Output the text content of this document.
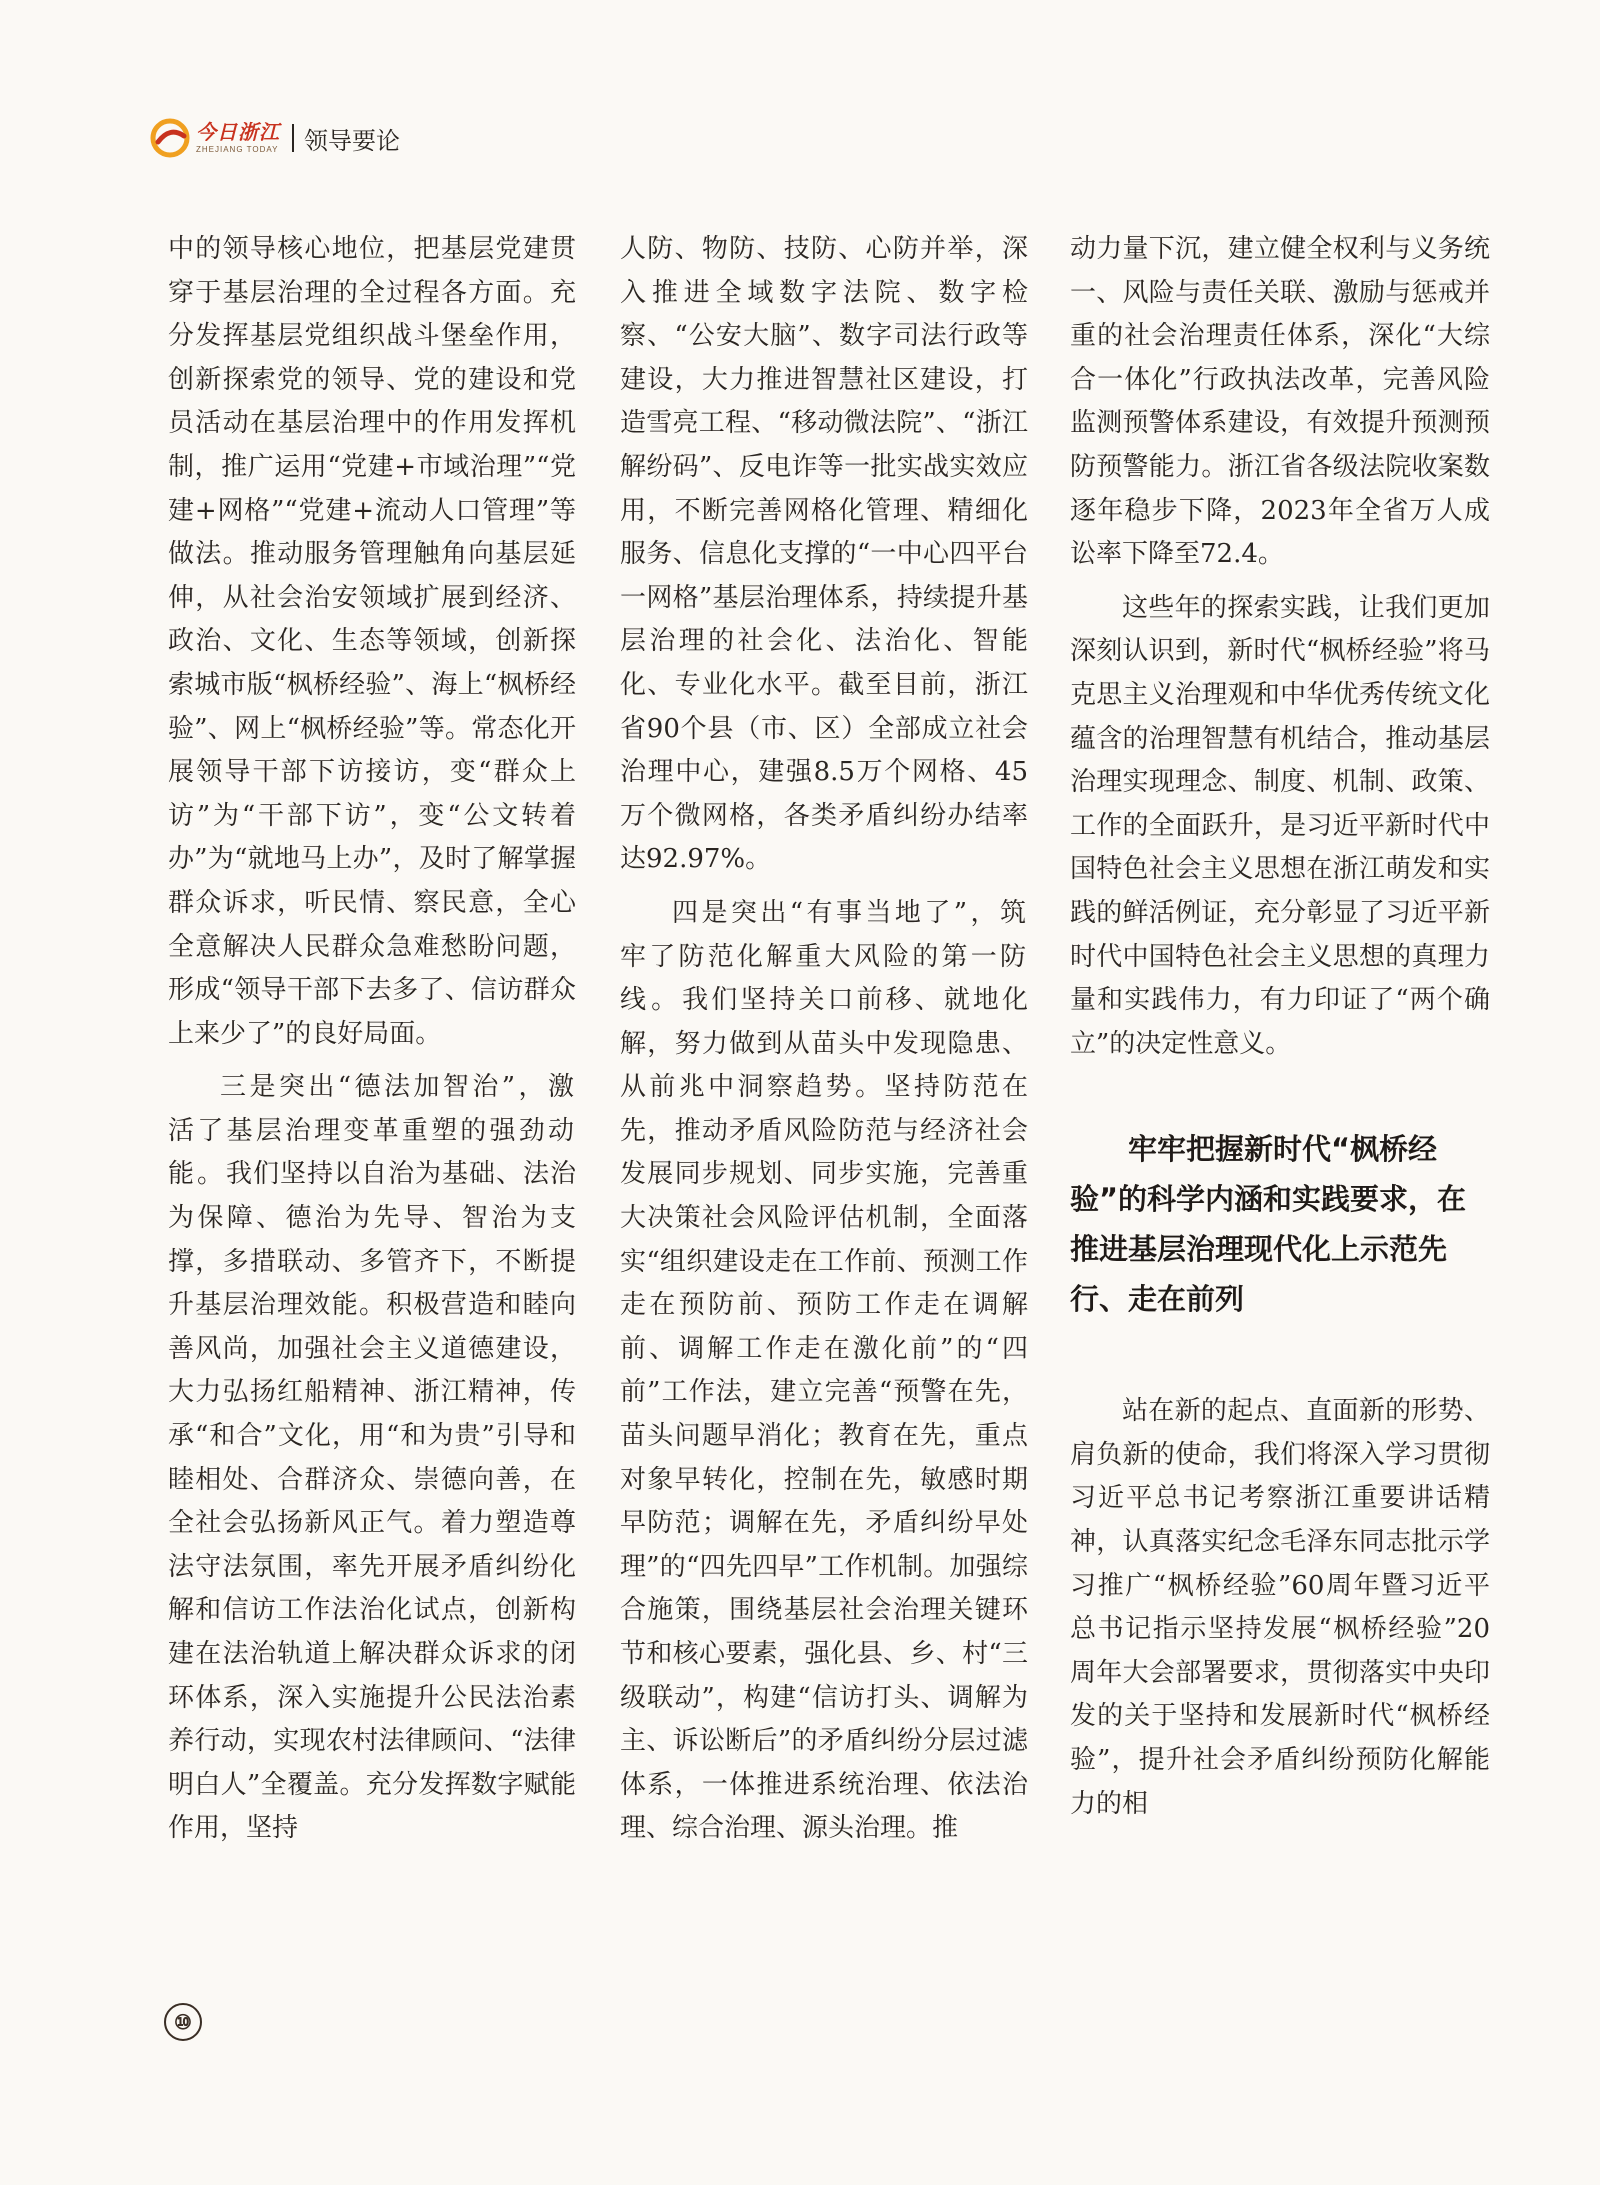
今日浙江
ZHEJIANG TODAY 领导要论

中的领导核心地位，把基层党建贯穿于基层治理的全过程各方面。充分发挥基层党组织战斗堡垒作用，创新探索党的领导、党的建设和党员活动在基层治理中的作用发挥机制，推广运用“党建+市域治理”“党建+网格”“党建+流动人口管理”等做法。推动服务管理触角向基层延伸，从社会治安领域扩展到经济、政治、文化、生态等领域，创新探索城市版“枫桥经验”、海上“枫桥经验”、网上“枫桥经验”等。常态化开展领导干部下访接访，变“群众上访”为“干部下访”，变“公文转着办”为“就地马上办”，及时了解掌握群众诉求，听民情、察民意，全心全意解决人民群众急难愁盼问题，形成“领导干部下去多了、信访群众上来少了”的良好局面。

三是突出“德法加智治”，激活了基层治理变革重塑的强劲动能。我们坚持以自治为基础、法治为保障、德治为先导、智治为支撑，多措联动、多管齐下，不断提升基层治理效能。积极营造和睦向善风尚，加强社会主义道德建设，大力弘扬红船精神、浙江精神，传承“和合”文化，用“和为贵”引导和睦相处、合群济众、崇德向善，在全社会弘扬新风正气。着力塑造尊法守法氛围，率先开展矛盾纠纷化解和信访工作法治化试点，创新构建在法治轨道上解决群众诉求的闭环体系，深入实施提升公民法治素养行动，实现农村法律顾问、“法律明白人”全覆盖。充分发挥数字赋能作用，坚持

人防、物防、技防、心防并举，深入推进全域数字法院、数字检察、“公安大脑”、数字司法行政等建设，大力推进智慧社区建设，打造雪亮工程、“移动微法院”、“浙江解纷码”、反电诈等一批实战实效应用，不断完善网格化管理、精细化服务、信息化支撑的“一中心四平台一网格”基层治理体系，持续提升基层治理的社会化、法治化、智能化、专业化水平。截至目前，浙江省90个县（市、区）全部成立社会治理中心，建强8.5万个网格、45万个微网格，各类矛盾纠纷办结率达92.97%。

四是突出“有事当地了”，筑牢了防范化解重大风险的第一防线。我们坚持关口前移、就地化解，努力做到从苗头中发现隐患、从前兆中洞察趋势。坚持防范在先，推动矛盾风险防范与经济社会发展同步规划、同步实施，完善重大决策社会风险评估机制，全面落实“组织建设走在工作前、预测工作走在预防前、预防工作走在调解前、调解工作走在激化前”的“四前”工作法，建立完善“预警在先，苗头问题早消化；教育在先，重点对象早转化，控制在先，敏感时期早防范；调解在先，矛盾纠纷早处理”的“四先四早”工作机制。加强综合施策，围绕基层社会治理关键环节和核心要素，强化县、乡、村“三级联动”，构建“信访打头、调解为主、诉讼断后”的矛盾纠纷分层过滤体系，一体推进系统治理、依法治理、综合治理、源头治理。推

动力量下沉，建立健全权利与义务统一、风险与责任关联、激励与惩戒并重的社会治理责任体系，深化“大综合一体化”行政执法改革，完善风险监测预警体系建设，有效提升预测预防预警能力。浙江省各级法院收案数逐年稳步下降，2023年全省万人成讼率下降至72.4。

这些年的探索实践，让我们更加深刻认识到，新时代“枫桥经验”将马克思主义治理观和中华优秀传统文化蕴含的治理智慧有机结合，推动基层治理实现理念、制度、机制、政策、工作的全面跃升，是习近平新时代中国特色社会主义思想在浙江萌发和实践的鲜活例证，充分彰显了习近平新时代中国特色社会主义思想的真理力量和实践伟力，有力印证了“两个确立”的决定性意义。

牢牢把握新时代“枫桥经验”的科学内涵和实践要求，在推进基层治理现代化上示范先行、走在前列

站在新的起点、直面新的形势、肩负新的使命，我们将深入学习贯彻习近平总书记考察浙江重要讲话精神，认真落实纪念毛泽东同志批示学习推广“枫桥经验”60周年暨习近平总书记指示坚持发展“枫桥经验”20周年大会部署要求，贯彻落实中央印发的关于坚持和发展新时代“枫桥经验”，提升社会矛盾纠纷预防化解能力的相

⑩
